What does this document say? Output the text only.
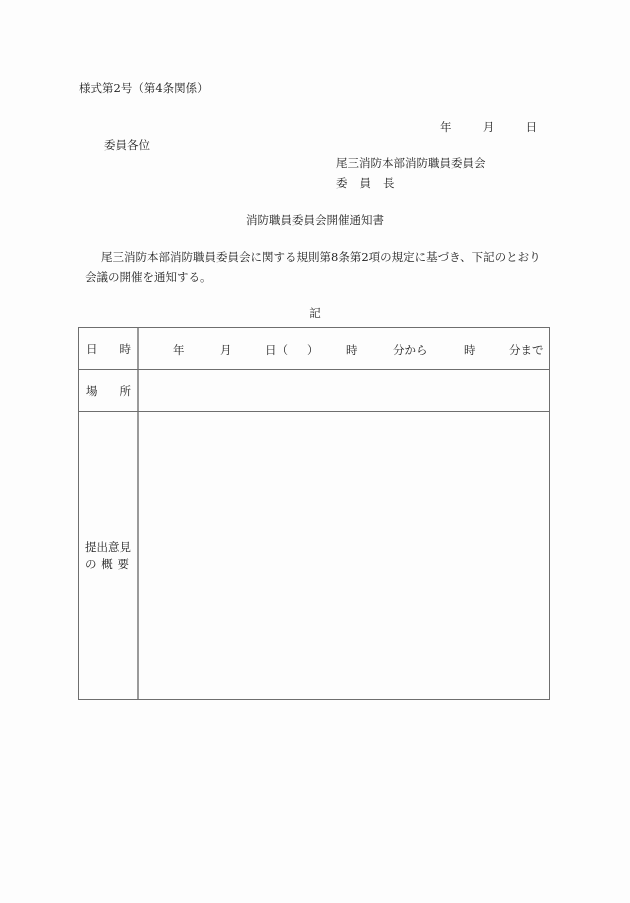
様式第2号（第4条関係）
年	月	日
委員各位
尾三消防本部消防職員委員会
委 員 長
消防職員委員会開催通知書
尾三消防本部消防職員委員会に関する規則第8条第2項の規定に基づき、下記のとおり
会議の開催を通知する。
記
日 時	年	月	日（ ） 時	分から	時	分まで
場 所
提出意見
の 概 要
